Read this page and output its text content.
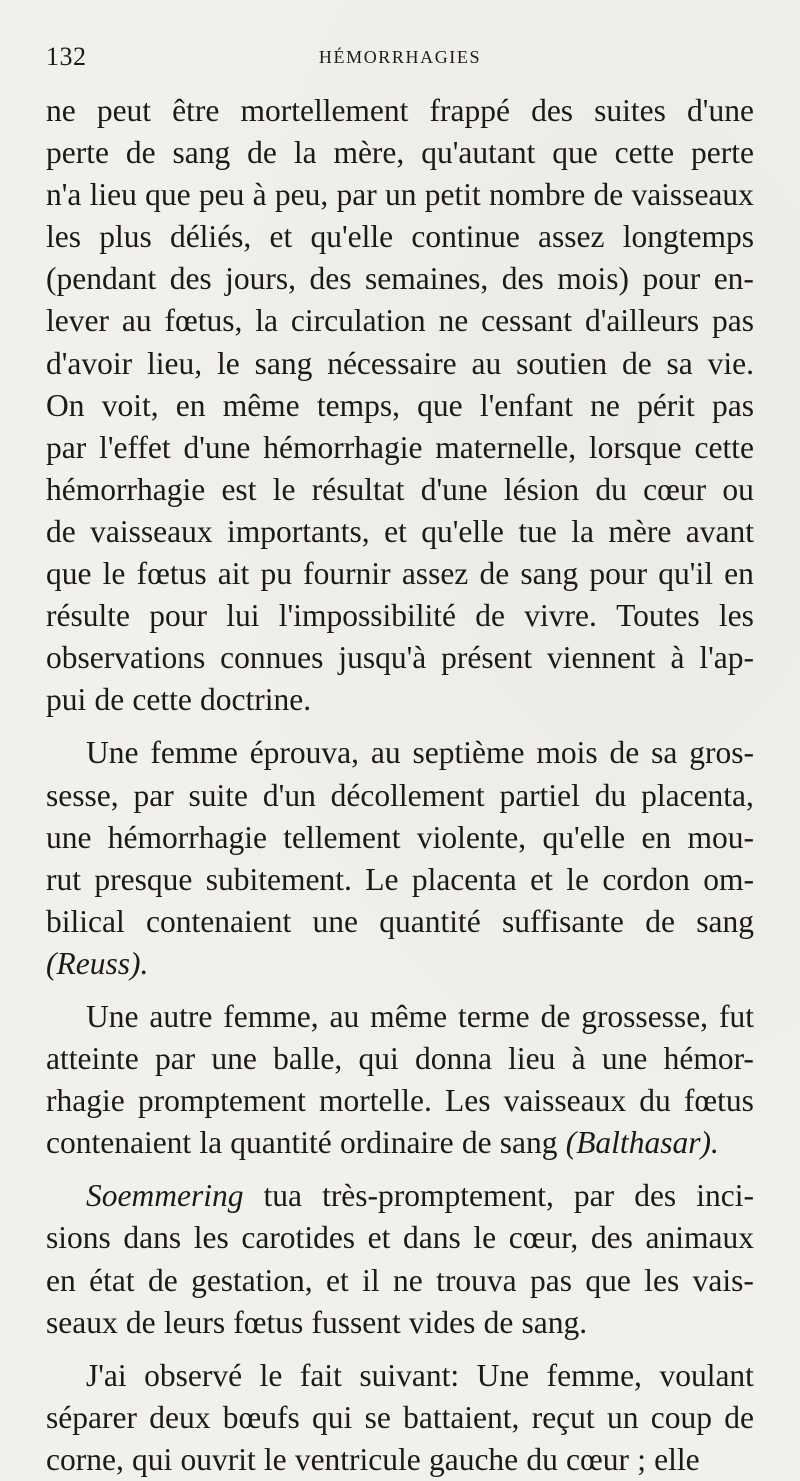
132	HÉMORRHAGIES
ne peut être mortellement frappé des suites d'une
perte de sang de la mère, qu'autant que cette perte
n'a lieu que peu à peu, par un petit nombre de vaisseaux
les plus déliés, et qu'elle continue assez longtemps
(pendant des jours, des semaines, des mois) pour en-
lever au fœtus, la circulation ne cessant d'ailleurs pas
d'avoir lieu, le sang nécessaire au soutien de sa vie.
On voit, en même temps, que l'enfant ne périt pas
par l'effet d'une hémorrhagie maternelle, lorsque cette
hémorrhagie est le résultat d'une lésion du cœur ou
de vaisseaux importants, et qu'elle tue la mère avant
que le fœtus ait pu fournir assez de sang pour qu'il en
résulte pour lui l'impossibilité de vivre. Toutes les
observations connues jusqu'à présent viennent à l'ap-
pui de cette doctrine.
Une femme éprouva, au septième mois de sa gros-
sesse, par suite d'un décollement partiel du placenta,
une hémorrhagie tellement violente, qu'elle en mou-
rut presque subitement. Le placenta et le cordon om-
bilical contenaient une quantité suffisante de sang
(Reuss).
Une autre femme, au même terme de grossesse, fut
atteinte par une balle, qui donna lieu à une hémor-
rhagie promptement mortelle. Les vaisseaux du fœtus
contenaient la quantité ordinaire de sang (Balthasar).
Soemmering tua très-promptement, par des inci-
sions dans les carotides et dans le cœur, des animaux
en état de gestation, et il ne trouva pas que les vais-
seaux de leurs fœtus fussent vides de sang.
J'ai observé le fait suivant: Une femme, voulant
séparer deux bœufs qui se battaient, reçut un coup de
corne, qui ouvrit le ventricule gauche du cœur ; elle
